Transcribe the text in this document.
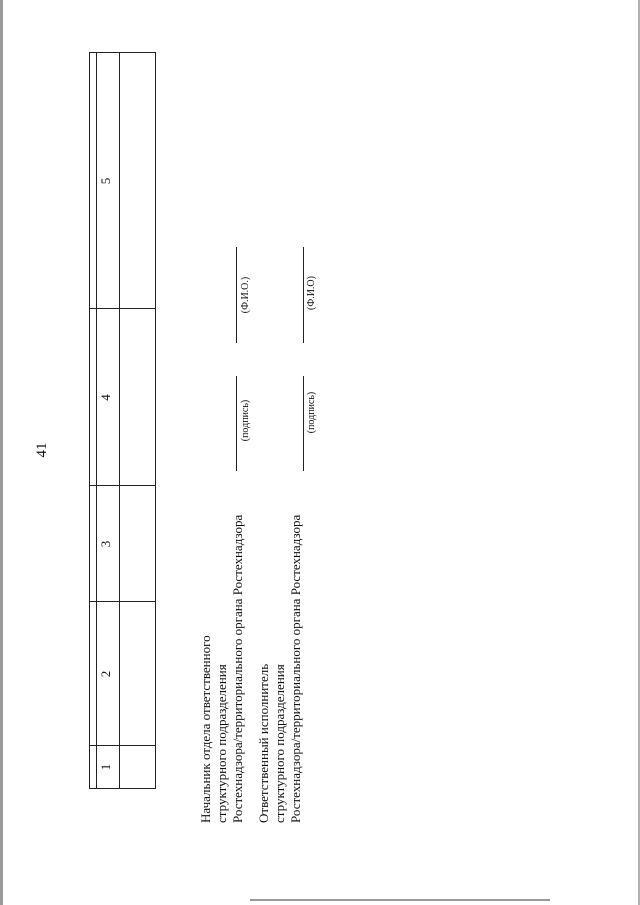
41
1
2
3
4
5
Начальник отдела ответственного структурного подразделения Ростехнадзора/территориального органа Ростехнадзора
(подпись)
(Ф.И.О.)
Ответственный исполнитель структурного подразделения Ростехнадзора/территориального органа Ростехнадзора
(подпись)
(Ф.И.О)
